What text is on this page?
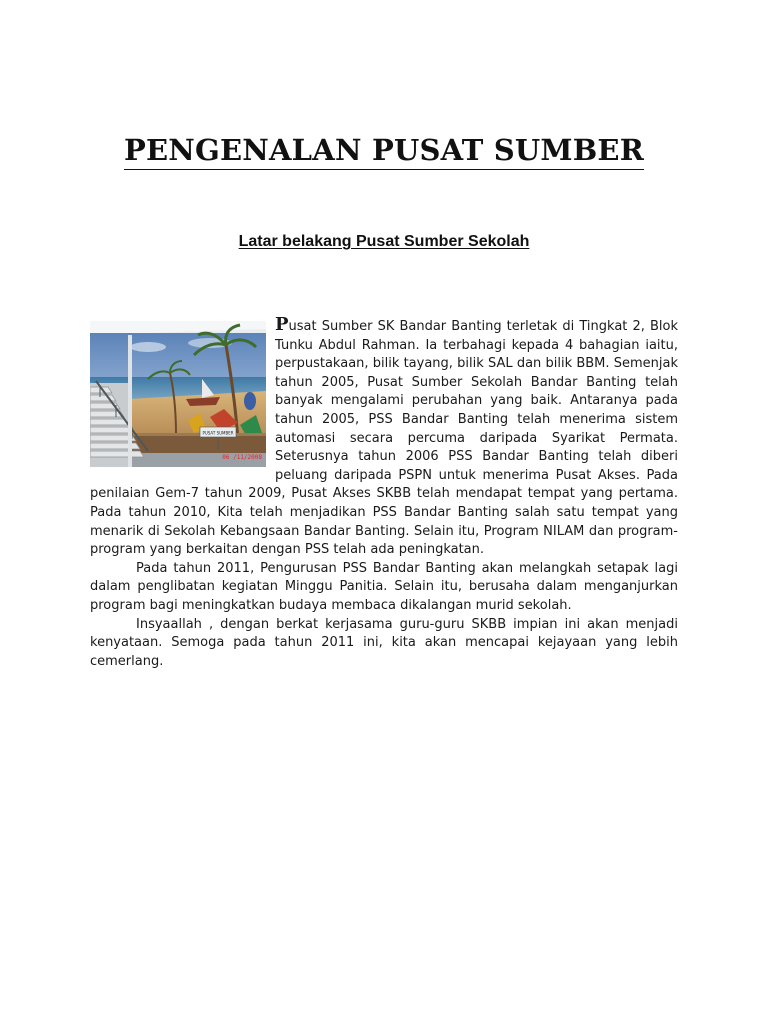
PENGENALAN PUSAT SUMBER
Latar belakang Pusat Sumber Sekolah
PUSAT SUMBER
06 /11/2008

Pusat Sumber SK Bandar Banting terletak di Tingkat 2, Blok Tunku Abdul Rahman. Ia terbahagi kepada 4 bahagian iaitu, perpustakaan, bilik tayang, bilik SAL dan bilik BBM. Semenjak tahun 2005, Pusat Sumber Sekolah Bandar Banting telah banyak mengalami perubahan yang baik. Antaranya pada tahun 2005, PSS Bandar Banting telah menerima sistem automasi secara percuma daripada Syarikat Permata. Seterusnya tahun 2006 PSS Bandar Banting telah diberi peluang daripada PSPN untuk menerima Pusat Akses. Pada penilaian Gem-7 tahun 2009, Pusat Akses SKBB telah mendapat tempat yang pertama. Pada tahun 2010, Kita telah menjadikan PSS Bandar Banting salah satu tempat yang menarik di Sekolah Kebangsaan Bandar Banting. Selain itu, Program NILAM dan program-program yang berkaitan dengan PSS telah ada peningkatan.

Pada tahun 2011, Pengurusan PSS Bandar Banting akan melangkah setapak lagi dalam penglibatan kegiatan Minggu Panitia. Selain itu, berusaha dalam menganjurkan program bagi meningkatkan budaya membaca dikalangan murid sekolah.

Insyaallah , dengan berkat kerjasama guru-guru SKBB impian ini akan menjadi kenyataan. Semoga pada tahun 2011 ini, kita akan mencapai kejayaan yang lebih cemerlang.
